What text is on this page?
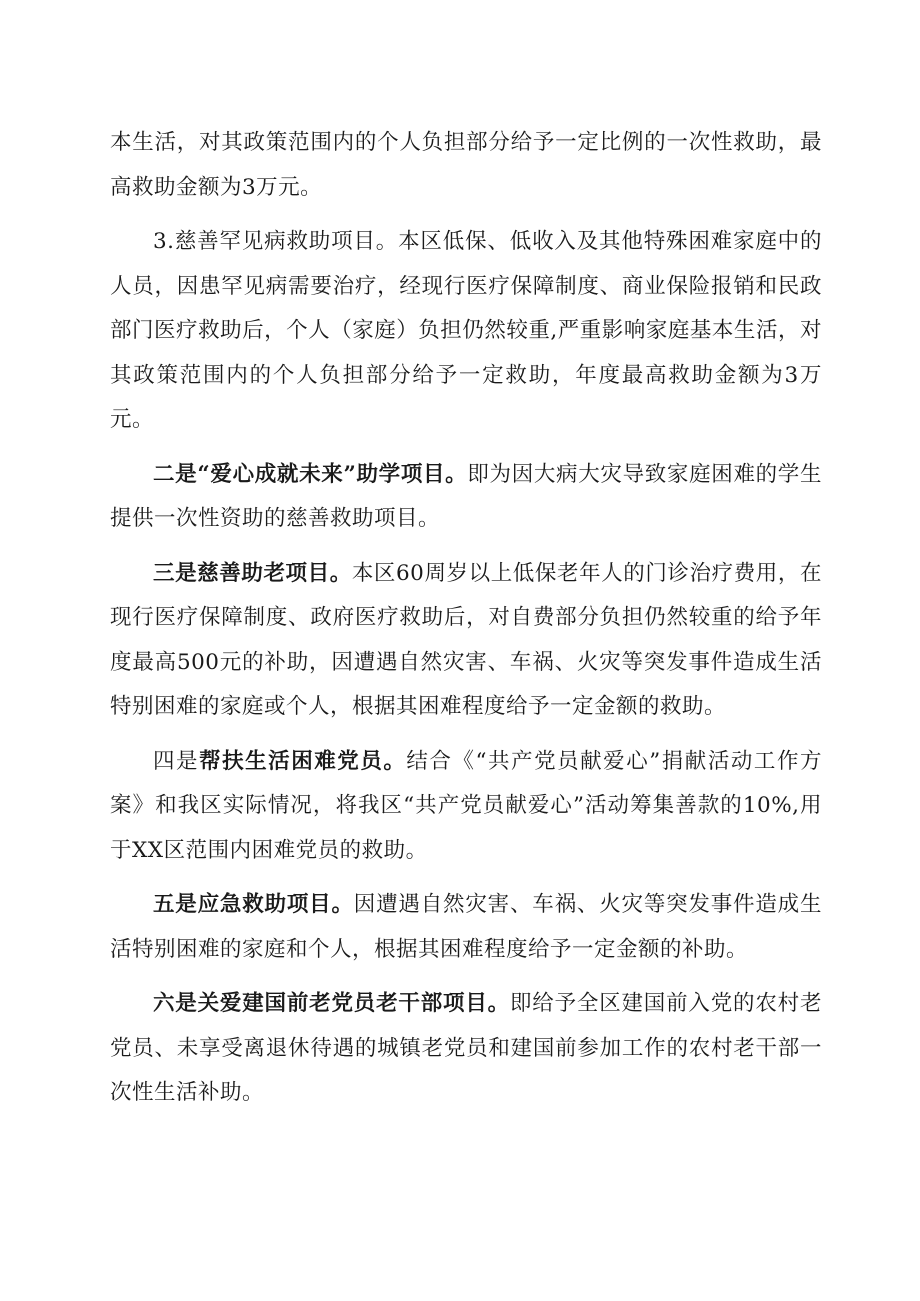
本生活，对其政策范围内的个人负担部分给予一定比例的一次性救助，最高救助金额为3万元。

3.慈善罕见病救助项目。本区低保、低收入及其他特殊困难家庭中的人员，因患罕见病需要治疗，经现行医疗保障制度、商业保险报销和民政部门医疗救助后，个人（家庭）负担仍然较重,严重影响家庭基本生活，对其政策范围内的个人负担部分给予一定救助，年度最高救助金额为3万元。

二是“爱心成就未来”助学项目。即为因大病大灾导致家庭困难的学生提供一次性资助的慈善救助项目。

三是慈善助老项目。本区60周岁以上低保老年人的门诊治疗费用，在现行医疗保障制度、政府医疗救助后，对自费部分负担仍然较重的给予年度最高500元的补助，因遭遇自然灾害、车祸、火灾等突发事件造成生活特别困难的家庭或个人，根据其困难程度给予一定金额的救助。

四是帮扶生活困难党员。结合《“共产党员献爱心”捐献活动工作方案》和我区实际情况，将我区“共产党员献爱心”活动筹集善款的10%,用于XX区范围内困难党员的救助。

五是应急救助项目。因遭遇自然灾害、车祸、火灾等突发事件造成生活特别困难的家庭和个人，根据其困难程度给予一定金额的补助。

六是关爱建国前老党员老干部项目。即给予全区建国前入党的农村老党员、未享受离退休待遇的城镇老党员和建国前参加工作的农村老干部一次性生活补助。
